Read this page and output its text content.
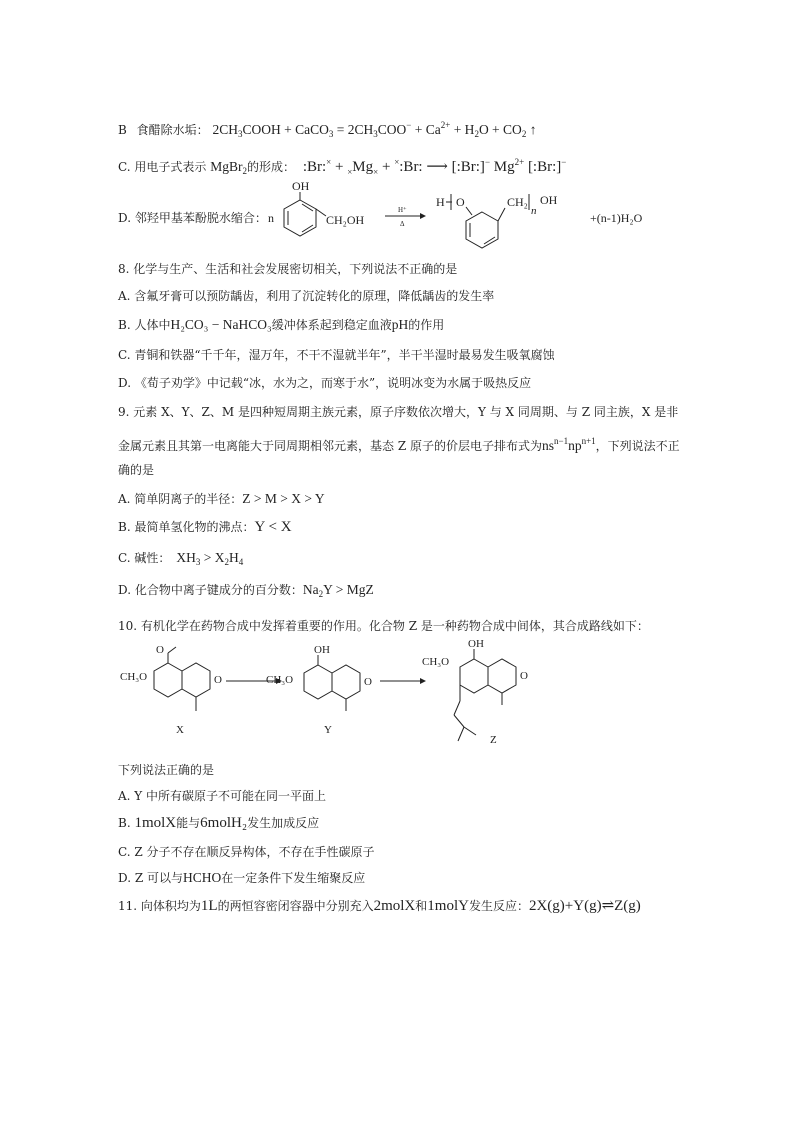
B 食醋除水垢： $2CH_3COOH$ + CaCO$_3$ = $2CH_3COO^- + Ca^{2+} + H_2O + CO_2$ ↑
C. 用电子式表示 MgBr$_2$的形成： :Br:× + $_\times Mg_\times$ + ×:Br: ⟶ [:Br:]− $Mg^{2+}$ [:Br:]−
D. 邻羟甲基苯酚脱水缩合： n
OH
CH₂OH
H⁺
Δ
H O	CH₂
n
OH
+(n-1)H₂O
8. 化学与生产、生活和社会发展密切相关，下列说法不正确的是
A. 含氟牙膏可以预防龋齿，利用了沉淀转化的原理，降低龋齿的发生率
B. 人体中H₂CO₃ − NaHCO₃缓冲体系起到稳定血液pH的作用
C. 青铜和铁器“千千年，湿万年，不干不湿就半年”，半干半湿时最易发生吸氧腐蚀
D. 《荀子劝学》中记载“冰，水为之，而寒于水”，说明冰变为水属于吸热反应
9. 元素 X、Y、Z、M 是四种短周期主族元素，原子序数依次增大，Y 与 X 同周期、与 Z 同主族，X 是非
金属元素且其第一电离能大于同周期相邻元素，基态 Z 原子的价层电子排布式为$ns^{n-1}np^{n+1}$，下列说法不正
确的是
A. 简单阴离子的半径：Z > M > X > Y
B. 最简单氢化物的沸点：Y < X
C. 碱性： $XH_3 > X_2H_4$
D. 化合物中离子键成分的百分数：$Na_2Y$ > MgZ
10. 有机化学在药物合成中发挥着重要的作用。化合物 Z 是一种药物合成中间体，其合成路线如下：
CH₃O
O
O
X
CH₃O
OH
O
Y
CH₃O
OH
O
Z
下列说法正确的是
A. Y 中所有碳原子不可能在同一平面上
B. 1molX能与6molH₂发生加成反应
C. Z 分子不存在顺反异构体，不存在手性碳原子
D. Z 可以与HCHO在一定条件下发生缩聚反应
11. 向体积均为1L的两恒容密闭容器中分别充入2molX和1molY发生反应：2X(g)+Y(g)⇌Z(g)
